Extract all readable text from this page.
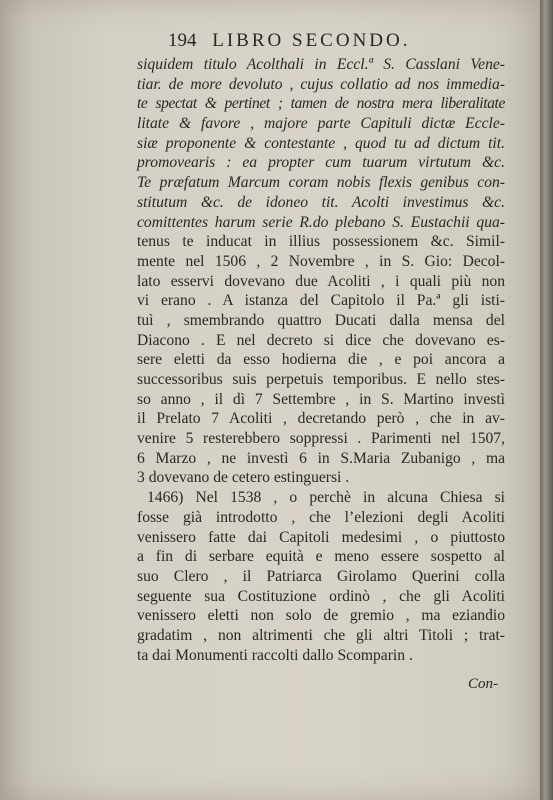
194 LIBRO SECONDO.
siquidem titulo Acolthali in Eccl.ª S. Casslani Vene-
tiar. de more devoluto , cujus collatio ad nos immedia-
te spectat & pertinet ; tamen de nostra mera liberalitate
litate & favore , majore parte Capituli dictæ Eccle-
siæ proponente & contestante , quod tu ad dictum tit.
promovearis : ea propter cum tuarum virtutum &c.
Te præfatum Marcum coram nobis flexis genibus con-
stitutum &c. de idoneo tit. Acolti investimus &c.
comittentes harum serie R.do plebano S. Eustachii qua-
tenus te inducat in illius possessionem &c. Simil-
mente nel 1506 , 2 Novembre , in S. Gio: Decol-
lato esservi dovevano due Acoliti , i quali più non
vi erano . A istanza del Capitolo il Pa.ª gli isti-
tuì , smembrando quattro Ducati dalla mensa del
Diacono . E nel decreto si dice che dovevano es-
sere eletti da esso hodierna die , e poi ancora a
successoribus suis perpetuis temporibus. E nello stes-
so anno , il dì 7 Settembre , in S. Martino investì
il Prelato 7 Acoliti , decretando però , che in av-
venire 5 resterebbero soppressi . Parimenti nel 1507,
6 Marzo , ne investì 6 in S.Maria Zubanigo , ma
3 dovevano de cetero estinguersi .
1466) Nel 1538 , o perchè in alcuna Chiesa si
fosse già introdotto , che l’elezioni degli Acoliti
venissero fatte dai Capitoli medesimi , o piuttosto
a fin di serbare equità e meno essere sospetto al
suo Clero , il Patriarca Girolamo Querini colla
seguente sua Costituzione ordinò , che gli Acoliti
venissero eletti non solo de gremio , ma eziandio
gradatim , non altrimenti che gli altri Titoli ; trat-
ta dai Monumenti raccolti dallo Scomparin .
Con-
